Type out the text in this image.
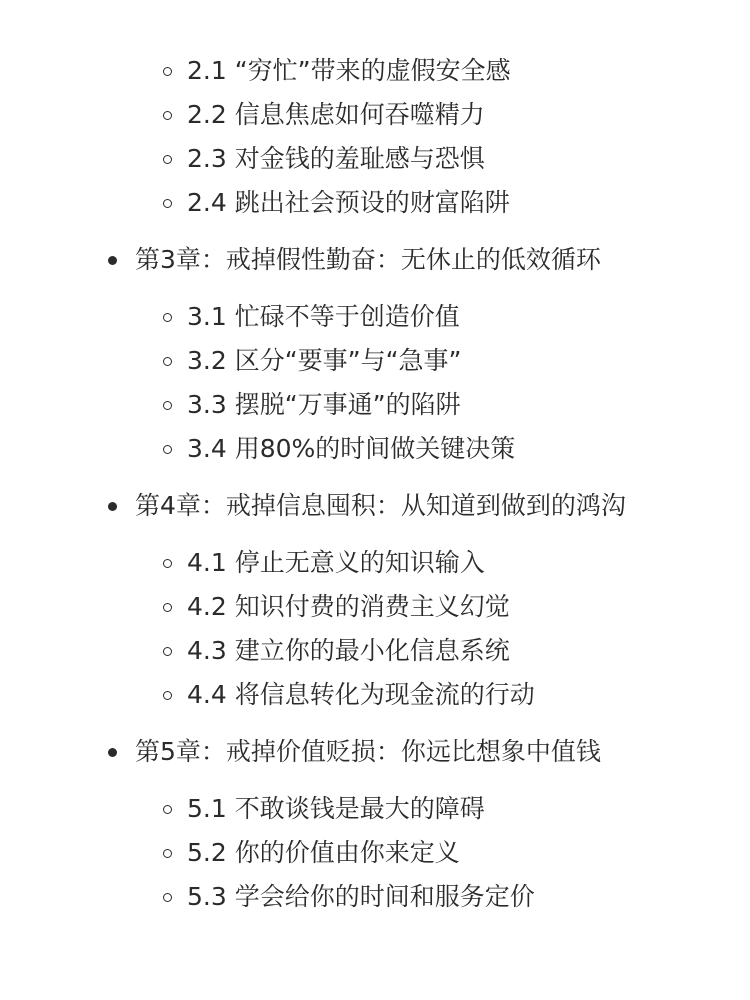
2.1 “穷忙”带来的虚假安全感
2.2 信息焦虑如何吞噬精力
2.3 对金钱的羞耻感与恐惧
2.4 跳出社会预设的财富陷阱
第3章：戒掉假性勤奋：无休止的低效循环
3.1 忙碌不等于创造价值
3.2 区分“要事”与“急事”
3.3 摆脱“万事通”的陷阱
3.4 用80%的时间做关键决策
第4章：戒掉信息囤积：从知道到做到的鸿沟
4.1 停止无意义的知识输入
4.2 知识付费的消费主义幻觉
4.3 建立你的最小化信息系统
4.4 将信息转化为现金流的行动
第5章：戒掉价值贬损：你远比想象中值钱
5.1 不敢谈钱是最大的障碍
5.2 你的价值由你来定义
5.3 学会给你的时间和服务定价
